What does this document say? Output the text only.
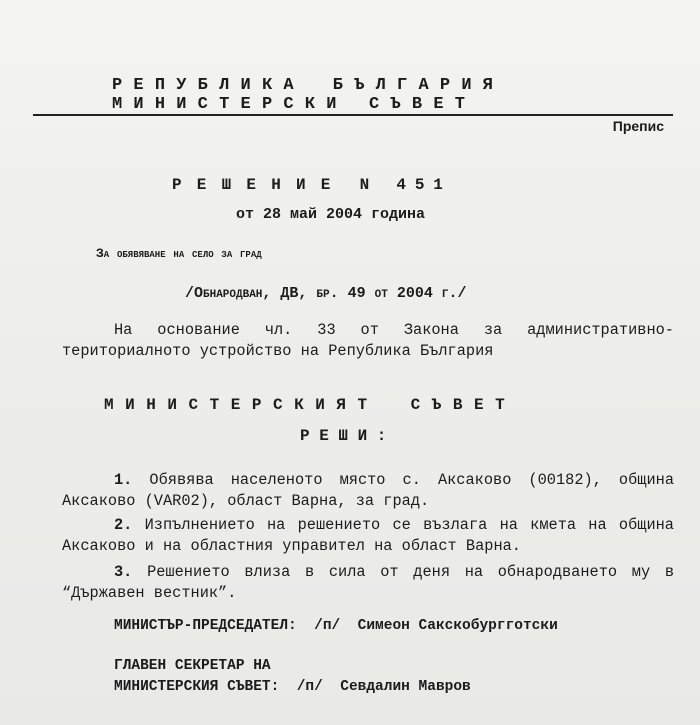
РЕПУБЛИКА БЪЛГАРИЯ
МИНИСТЕРСКИ СЪВЕТ
Препис
РЕШЕНИЕ N 451
от 28 май 2004 година
За обявяване на село за град
/Обнародван, ДВ, бр. 49 от 2004 г./
На основание чл. 33 от Закона за административно-териториалното устройство на Република България
МИНИСТЕРСКИЯТ СЪВЕТ
РЕШИ:
1. Обявява населеното място с. Аксаково (00182), община Аксаково (VAR02), област Варна, за град.
2. Изпълнението на решението се възлага на кмета на община Аксаково и на областния управител на област Варна.
3. Решението влиза в сила от деня на обнародването му в “Държавен вестник”.
МИНИСТЪР-ПРЕДСЕДАТЕЛ:  /п/  Симеон Сакскобургготски
ГЛАВЕН СЕКРЕТАР НА
МИНИСТЕРСКИЯ СЪВЕТ:  /п/  Севдалин Мавров
